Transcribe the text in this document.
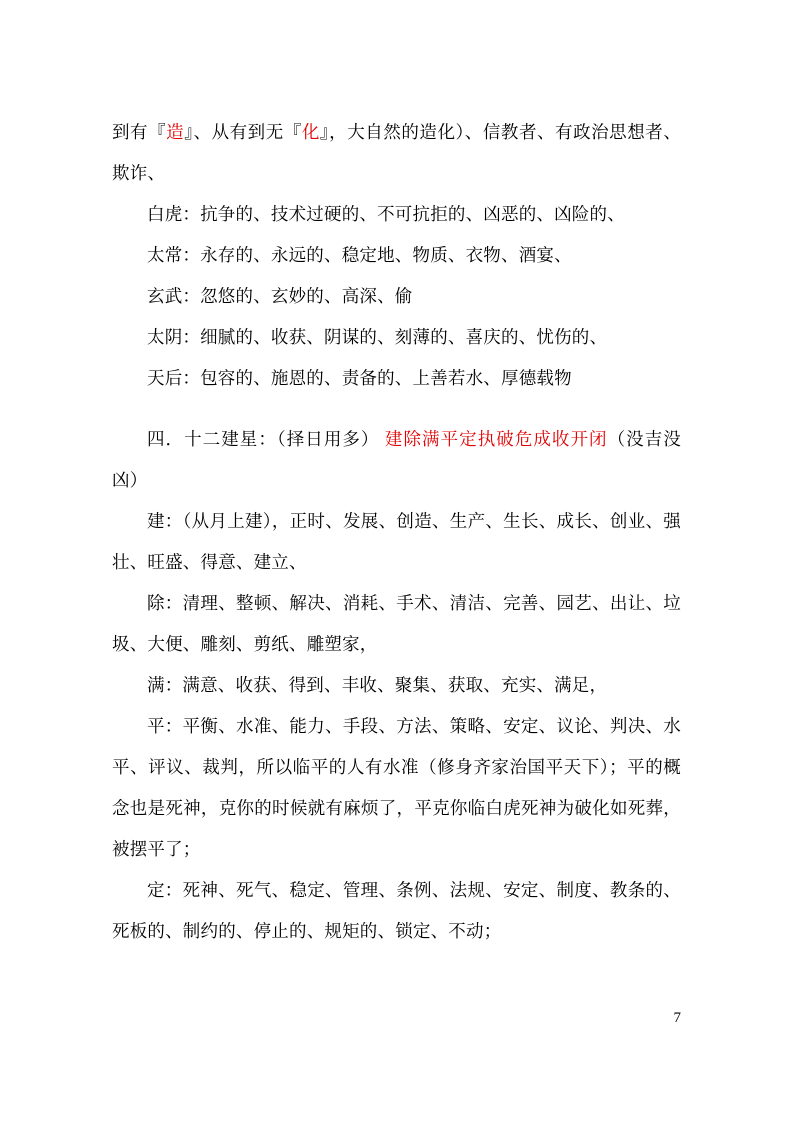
到有『造』、从有到无『化』，大自然的造化）、信教者、有政治思想者、欺诈、

白虎：抗争的、技术过硬的、不可抗拒的、凶恶的、凶险的、

太常：永存的、永远的、稳定地、物质、衣物、酒宴、

玄武：忽悠的、玄妙的、高深、偷

太阴：细腻的、收获、阴谋的、刻薄的、喜庆的、忧伤的、

天后：包容的、施恩的、责备的、上善若水、厚德载物

四．十二建星：（择日用多） 建除满平定执破危成收开闭（没吉没凶）

建：（从月上建），正时、发展、创造、生产、生长、成长、创业、强壮、旺盛、得意、建立、

除：清理、整顿、解决、消耗、手术、清洁、完善、园艺、出让、垃圾、大便、雕刻、剪纸、雕塑家，

满：满意、收获、得到、丰收、聚集、获取、充实、满足，

平：平衡、水准、能力、手段、方法、策略、安定、议论、判决、水平、评议、裁判，所以临平的人有水准（修身齐家治国平天下）；平的概念也是死神，克你的时候就有麻烦了，平克你临白虎死神为破化如死葬，被摆平了；

定：死神、死气、稳定、管理、条例、法规、安定、制度、教条的、死板的、制约的、停止的、规矩的、锁定、不动；

7
